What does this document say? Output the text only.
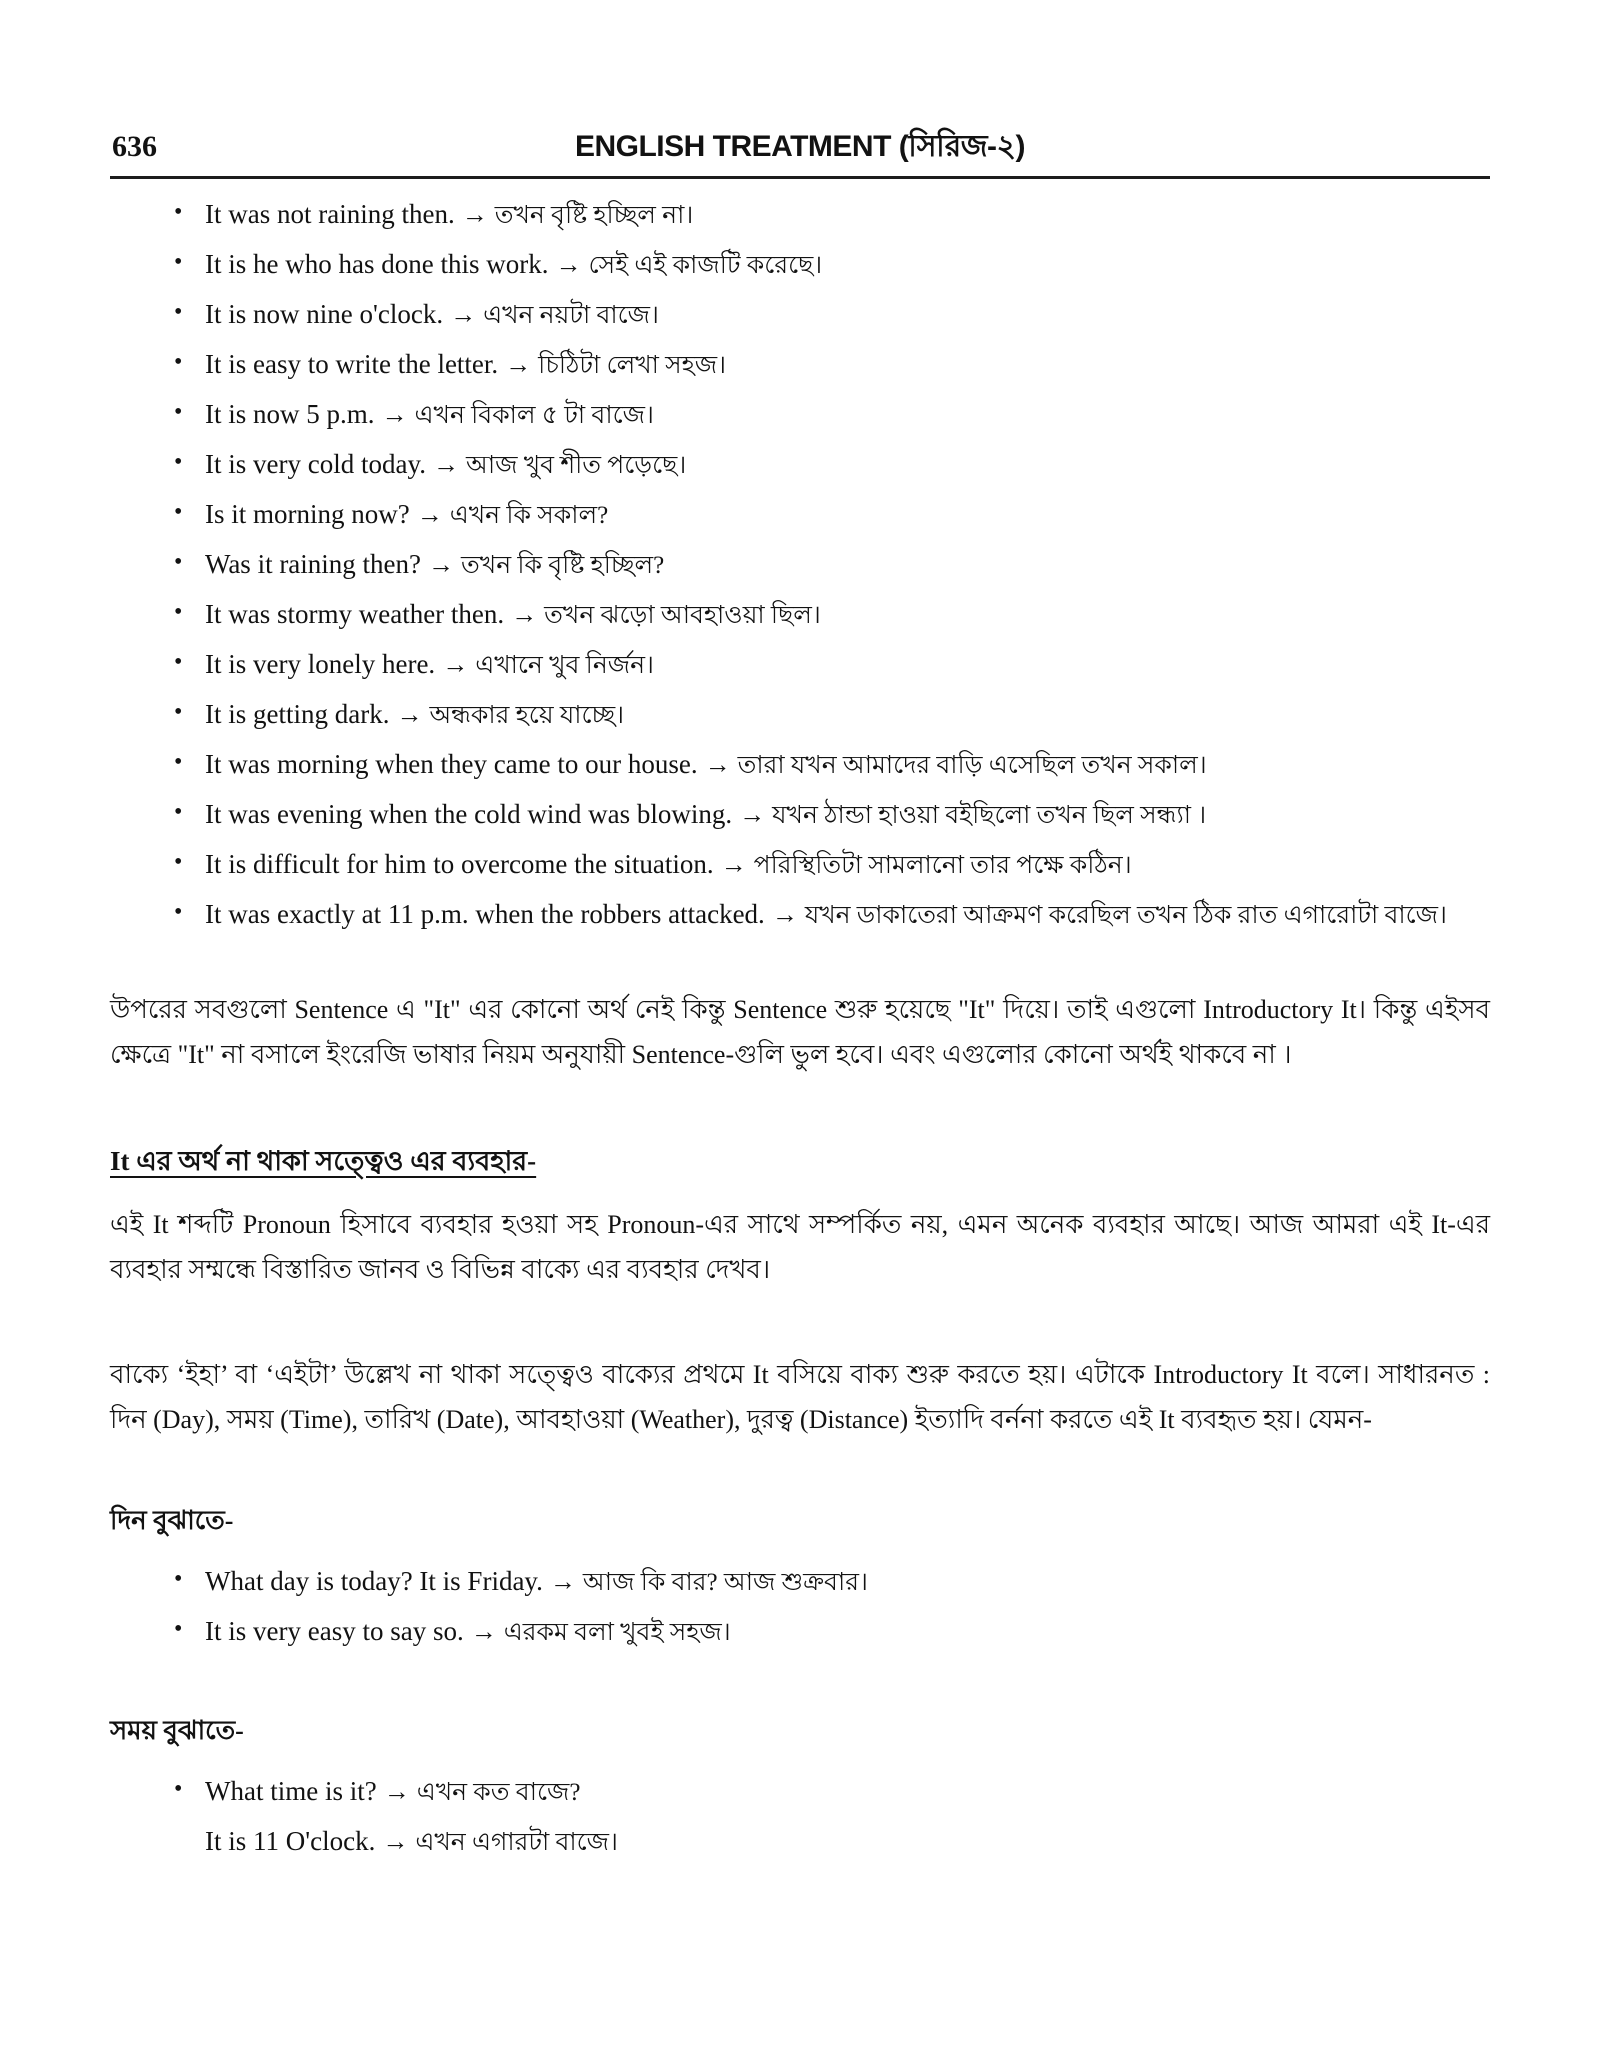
636	ENGLISH TREATMENT (সিরিজ-২)
• It was not raining then. → তখন বৃষ্টি হচ্ছিল না।
• It is he who has done this work. → সেই এই কাজটি করেছে।
• It is now nine o'clock. → এখন নয়টা বাজে।
• It is easy to write the letter. → চিঠিটা লেখা সহজ।
• It is now 5 p.m. → এখন বিকাল ৫ টা বাজে।
• It is very cold today. → আজ খুব শীত পড়েছে।
• Is it morning now? → এখন কি সকাল?
• Was it raining then? → তখন কি বৃষ্টি হচ্ছিল?
• It was stormy weather then. → তখন ঝড়ো আবহাওয়া ছিল।
• It is very lonely here. → এখানে খুব নির্জন।
• It is getting dark. → অন্ধকার হয়ে যাচ্ছে।
• It was morning when they came to our house. → তারা যখন আমাদের বাড়ি এসেছিল তখন সকাল।
• It was evening when the cold wind was blowing. → যখন ঠান্ডা হাওয়া বইছিলো তখন ছিল সন্ধ্যা ।
• It is difficult for him to overcome the situation. → পরিস্থিতিটা সামলানো তার পক্ষে কঠিন।
• It was exactly at 11 p.m. when the robbers attacked. → যখন ডাকাতেরা আক্রমণ করেছিল তখন ঠিক রাত এগারোটা বাজে।

উপরের সবগুলো Sentence এ "It" এর কোনো অর্থ নেই কিন্তু Sentence শুরু হয়েছে "It" দিয়ে। তাই এগুলো Introductory It। কিন্তু এইসব ক্ষেত্রে "It" না বসালে ইংরেজি ভাষার নিয়ম অনুযায়ী Sentence-গুলি ভুল হবে। এবং এগুলোর কোনো অর্থই থাকবে না ।

It এর অর্থ না থাকা সত্ত্বেও এর ব্যবহার-

এই It শব্দটি Pronoun হিসাবে ব্যবহার হওয়া সহ Pronoun-এর সাথে সম্পর্কিত নয়, এমন অনেক ব্যবহার আছে। আজ আমরা এই It-এর ব্যবহার সম্মন্ধে বিস্তারিত জানব ও বিভিন্ন বাক্যে এর ব্যবহার দেখব।

বাক্যে ‘ইহা’ বা ‘এইটা’ উল্লেখ না থাকা সত্ত্বেও বাক্যের প্রথমে It বসিয়ে বাক্য শুরু করতে হয়। এটাকে Introductory It বলে। সাধারনত : দিন (Day), সময় (Time), তারিখ (Date), আবহাওয়া (Weather), দুরত্ব (Distance) ইত্যাদি বর্ননা করতে এই It ব্যবহৃত হয়। যেমন-

দিন বুঝাতে-
• What day is today? It is Friday. → আজ কি বার? আজ শুক্রবার।
• It is very easy to say so. → এরকম বলা খুবই সহজ।
সময় বুঝাতে-
• What time is it? → এখন কত বাজে?
It is 11 O'clock. → এখন এগারটা বাজে।
